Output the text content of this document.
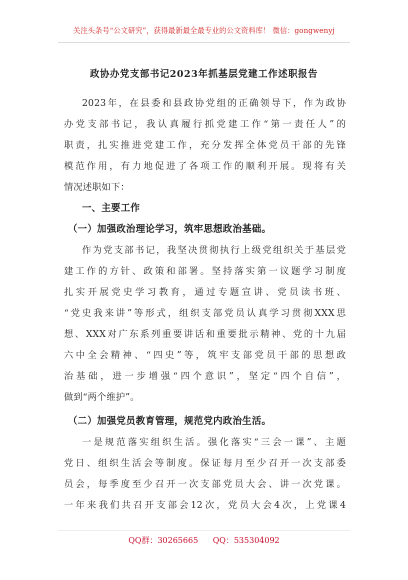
关注头条号“公文研究”，获得最新最全最专业的公文资料库！ 微信：gongwenyj
政协办党支部书记2023年抓基层党建工作述职报告
2023年，在县委和县政协党组的正确领导下，作为政协
办党支部书记，我认真履行抓党建工作“第一责任人”的
职责，扎实推进党建工作，充分发挥全体党员干部的先锋
模范作用，有力地促进了各项工作的顺利开展。现将有关
情况述职如下：
一、主要工作
（一）加强政治理论学习，筑牢思想政治基础。
作为党支部书记，我坚决贯彻执行上级党组织关于基层党
建工作的方针、政策和部署。坚持落实第一议题学习制度
扎实开展党史学习教育，通过专题宣讲、党员读书班、
“党史我来讲”等形式，组织支部党员认真学习贯彻XXX思
想、XXX对广东系列重要讲话和重要批示精神、党的十九届
六中全会精神、“四史”等，筑牢支部党员干部的思想政
治基础，进一步增强“四个意识”，坚定“四个自信”，
做到“两个维护”。
（二）加强党员教育管理，规范党内政治生活。
一是规范落实组织生活。强化落实“三会一课”、主题
党日、组织生活会等制度。保证每月至少召开一次支部委
员会，每季度至少召开一次支部党员大会、讲一次党课。
一年来我们共召开支部会12次，党员大会4次，上党课4
QQ群：30265665 QQ：535304092
